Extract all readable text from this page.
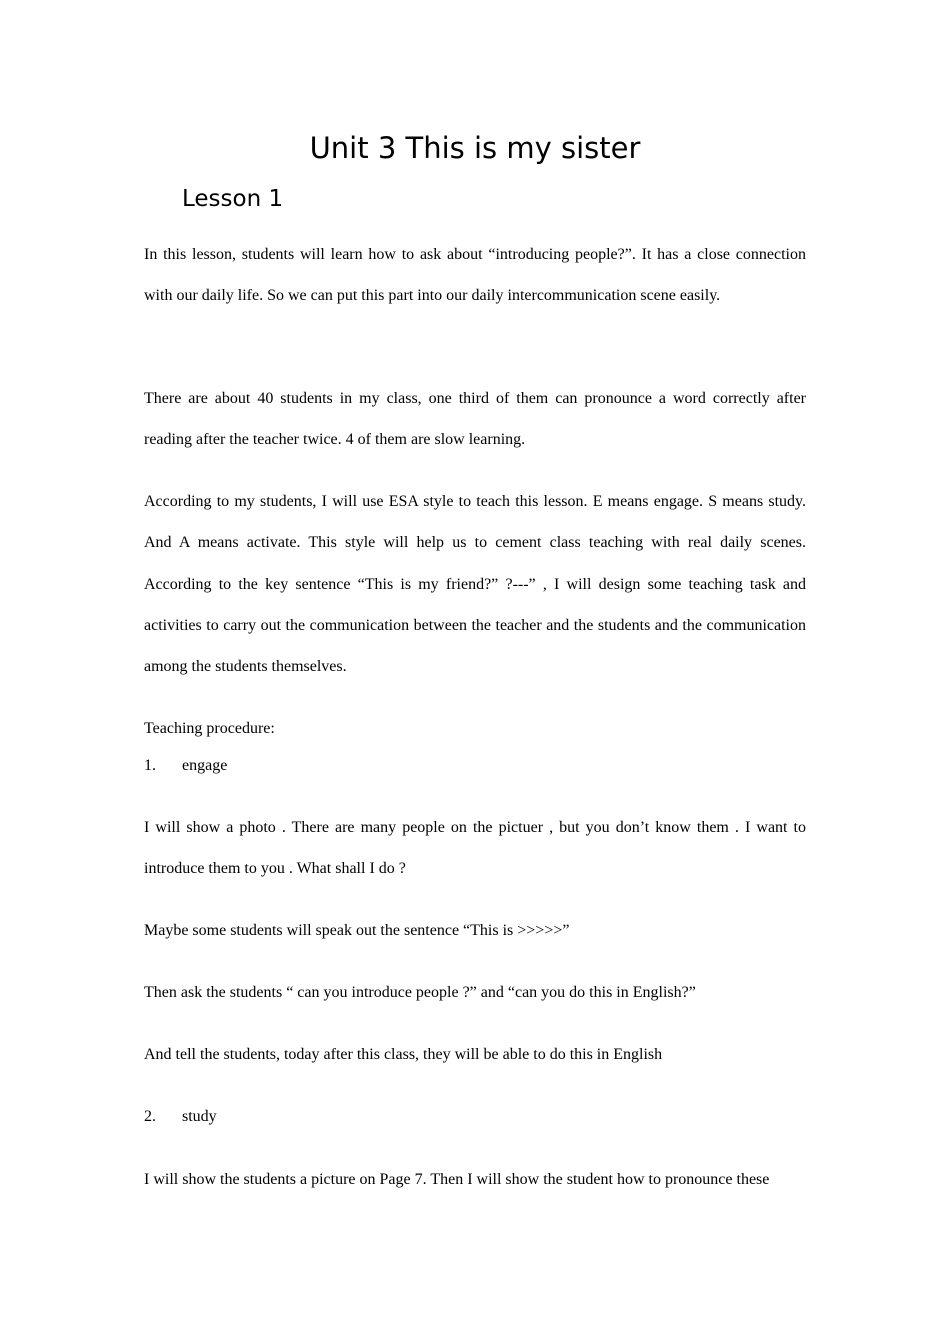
Unit 3 This is my sister
Lesson 1

In this lesson, students will learn how to ask about “introducing people?”. It has a close connection with our daily life. So we can put this part into our daily intercommunication scene easily.

There are about 40 students in my class, one third of them can pronounce a word correctly after reading after the teacher twice. 4 of them are slow learning.

According to my students, I will use ESA style to teach this lesson. E means engage. S means study. And A means activate. This style will help us to cement class teaching with real daily scenes. According to the key sentence “This is my friend?” ?---” , I will design some teaching task and activities to carry out the communication between the teacher and the students and the communication among the students themselves.

Teaching procedure:

1. engage

I will show a photo . There are many people on the pictuer , but you don’t know them . I want to introduce them to you . What shall I do ?

Maybe some students will speak out the sentence “This is >>>>>”

Then ask the students “ can you introduce people ?” and “can you do this in English?”

And tell the students, today after this class, they will be able to do this in English

2. study

I will show the students a picture on Page 7. Then I will show the student how to pronounce these
